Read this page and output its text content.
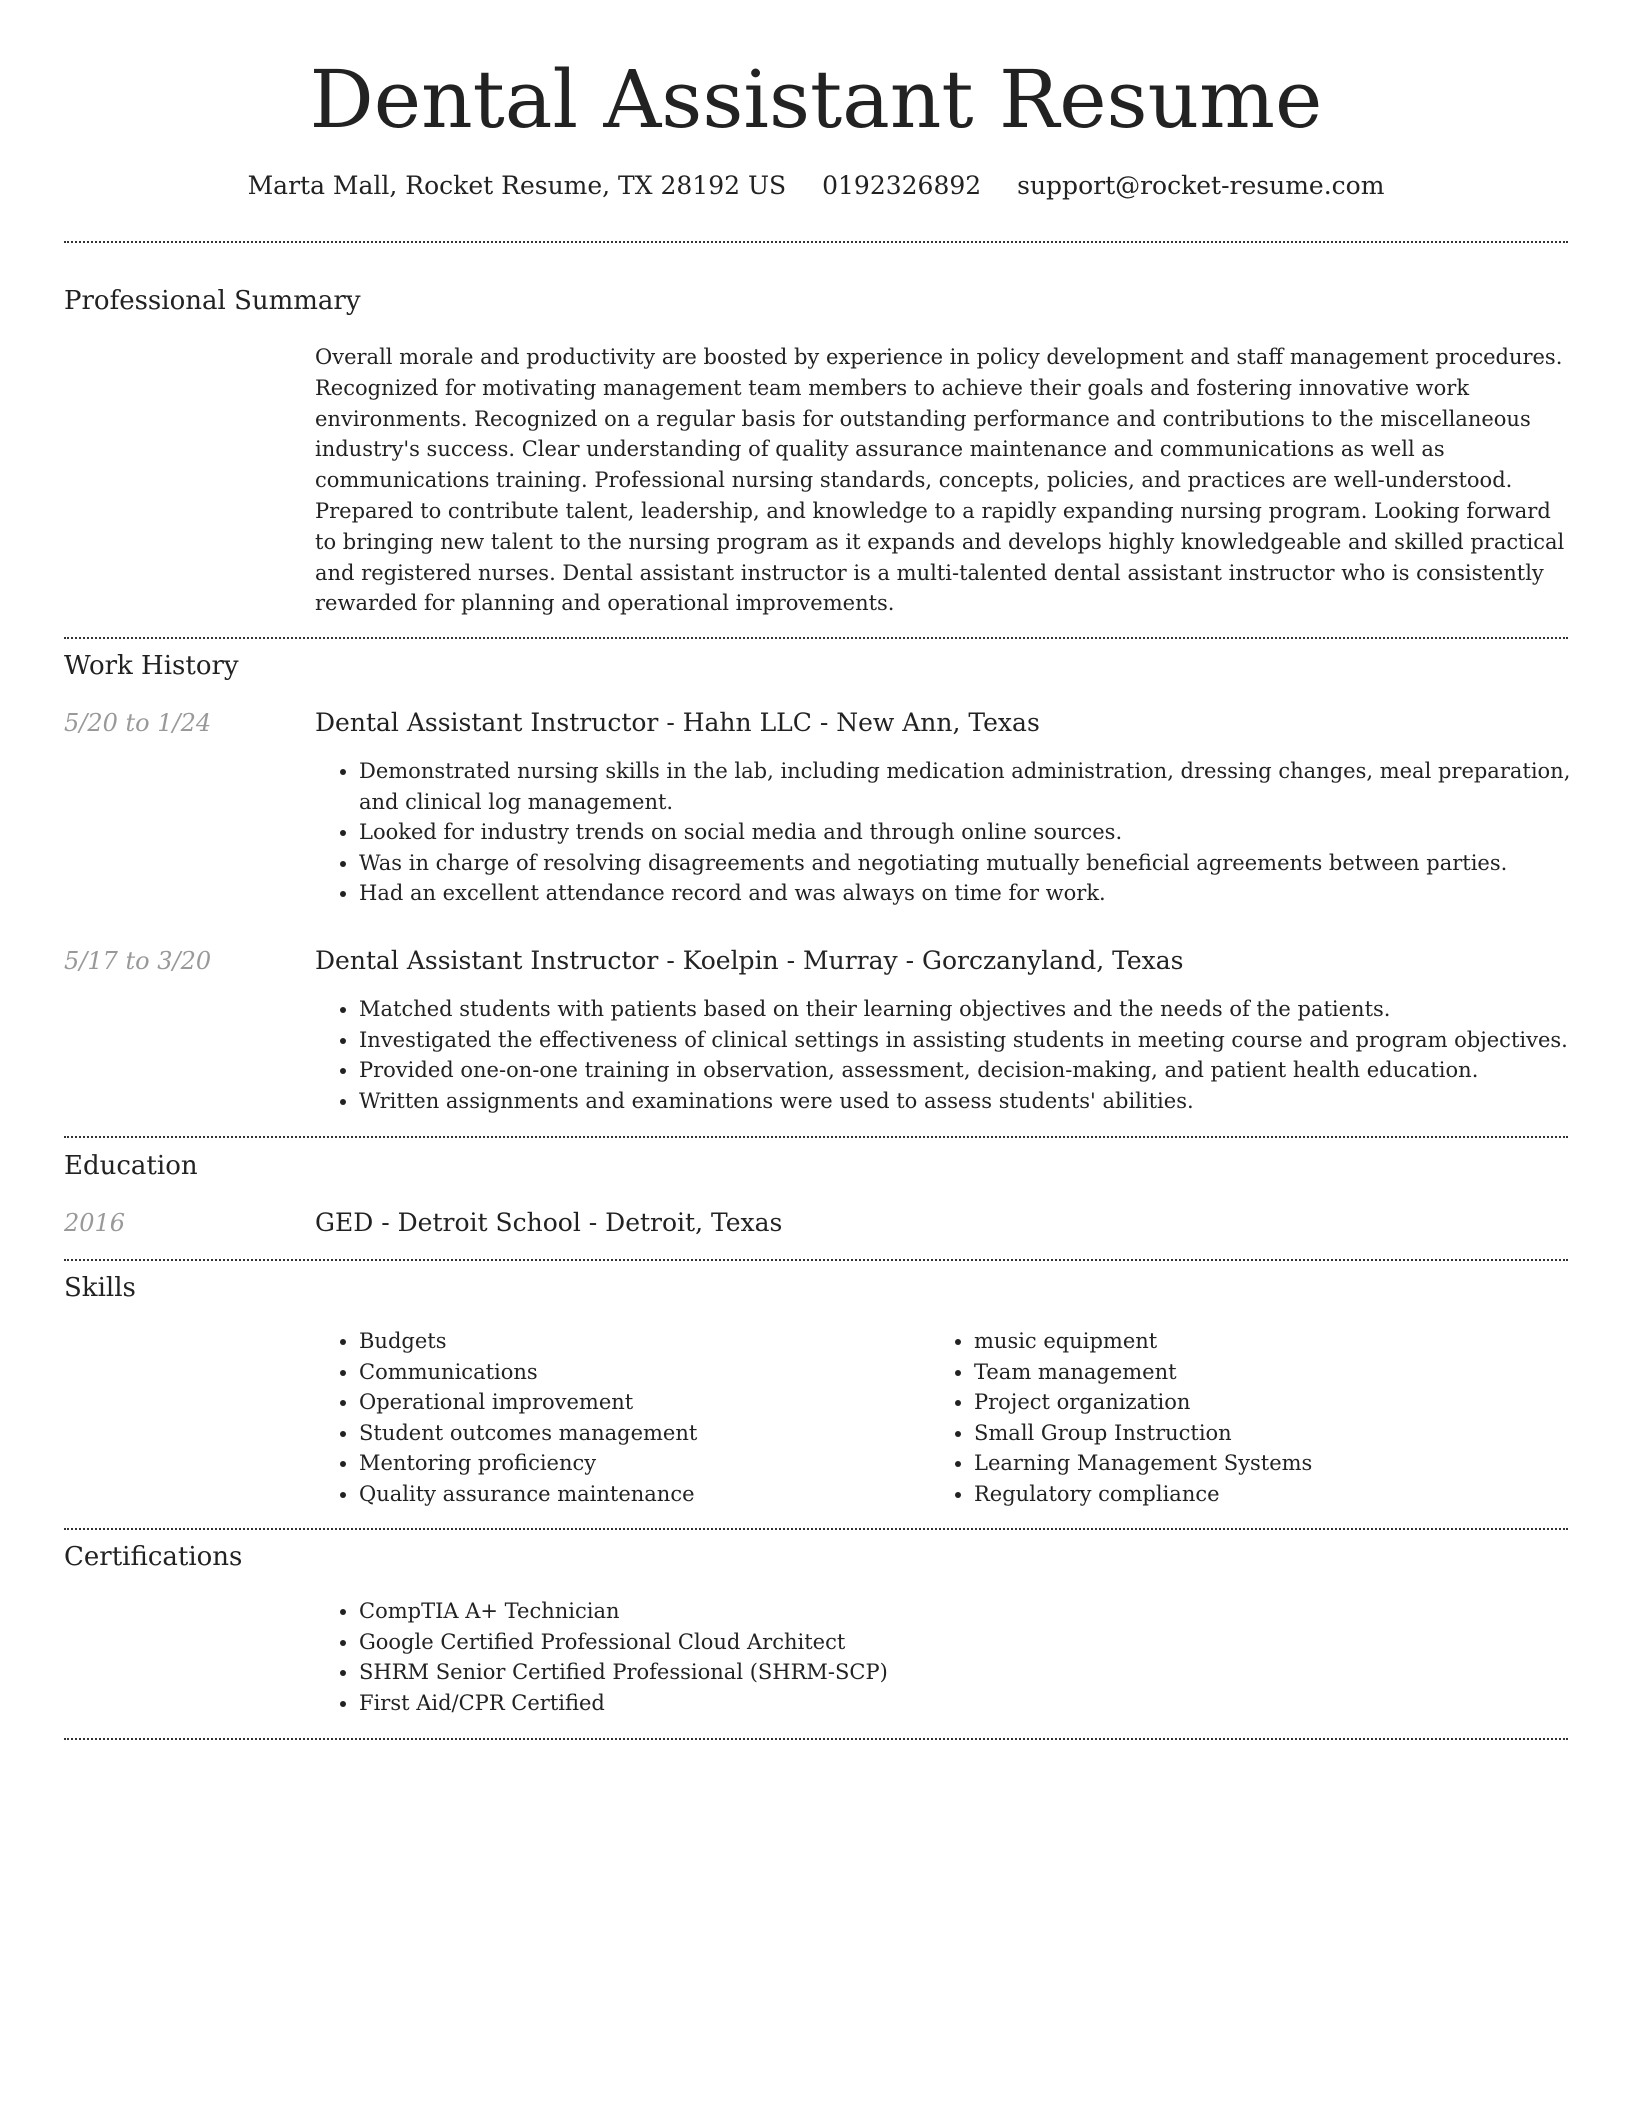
Dental Assistant Resume
Marta Mall, Rocket Resume, TX 28192 US 0192326892 support@rocket-resume.com
Professional Summary

Overall morale and productivity are boosted by experience in policy development and staff management procedures. Recognized for motivating management team members to achieve their goals and fostering innovative work environments. Recognized on a regular basis for outstanding performance and contributions to the miscellaneous industry's success. Clear understanding of quality assurance maintenance and communications as well as communications training. Professional nursing standards, concepts, policies, and practices are well-understood. Prepared to contribute talent, leadership, and knowledge to a rapidly expanding nursing program. Looking forward to bringing new talent to the nursing program as it expands and develops highly knowledgeable and skilled practical and registered nurses. Dental assistant instructor is a multi-talented dental assistant instructor who is consistently rewarded for planning and operational improvements.

Work History
5/20 to 1/24	Dental Assistant Instructor - Hahn LLC - New Ann, Texas
• Demonstrated nursing skills in the lab, including medication administration, dressing changes, meal preparation, and clinical log management.
• Looked for industry trends on social media and through online sources.
• Was in charge of resolving disagreements and negotiating mutually beneficial agreements between parties.
• Had an excellent attendance record and was always on time for work.
5/17 to 3/20	Dental Assistant Instructor - Koelpin - Murray - Gorczanyland, Texas
• Matched students with patients based on their learning objectives and the needs of the patients.
• Investigated the effectiveness of clinical settings in assisting students in meeting course and program objectives.
• Provided one-on-one training in observation, assessment, decision-making, and patient health education.
• Written assignments and examinations were used to assess students' abilities.
Education
2016	GED - Detroit School - Detroit, Texas
Skills
• Budgets
• Communications
• Operational improvement
• Student outcomes management
• Mentoring proficiency
• Quality assurance maintenance
• music equipment
• Team management
• Project organization
• Small Group Instruction
• Learning Management Systems
• Regulatory compliance
Certifications
• CompTIA A+ Technician
• Google Certified Professional Cloud Architect
• SHRM Senior Certified Professional (SHRM-SCP)
• First Aid/CPR Certified
